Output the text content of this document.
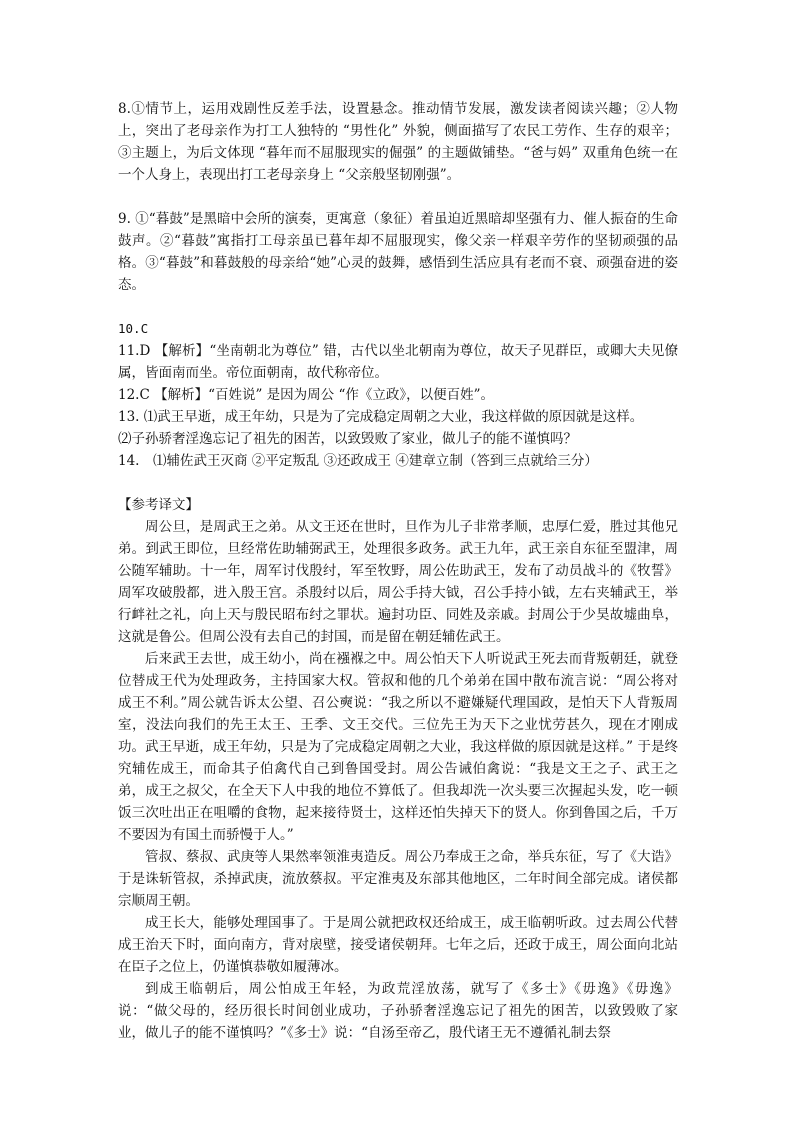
8.①情节上，运用戏剧性反差手法，设置悬念。推动情节发展，激发读者阅读兴趣；②人物上，突出了老母亲作为打工人独特的 “男性化” 外貌，侧面描写了农民工劳作、生存的艰辛；③主题上，为后文体现 “暮年而不屈服现实的倔强” 的主题做铺垫。“爸与妈” 双重角色统一在一个人身上，表现出打工老母亲身上 “父亲般坚韧刚强”。

9. ①“暮鼓”是黑暗中会所的演奏，更寓意（象征）着虽迫近黑暗却坚强有力、催人振奋的生命鼓声。②“暮鼓”寓指打工母亲虽已暮年却不屈服现实，像父亲一样艰辛劳作的坚韧顽强的品格。③“暮鼓”和暮鼓般的母亲给“她”心灵的鼓舞，感悟到生活应具有老而不衰、顽强奋进的姿态。

10.C

11.D 【解析】“坐南朝北为尊位” 错，古代以坐北朝南为尊位，故天子见群臣，或卿大夫见僚属，皆面南而坐。帝位面朝南，故代称帝位。

12.C 【解析】“百姓说” 是因为周公 “作《立政》，以便百姓”。

13. ⑴武王早逝，成王年幼，只是为了完成稳定周朝之大业，我这样做的原因就是这样。

⑵子孙骄奢淫逸忘记了祖先的困苦，以致毁败了家业，做儿子的能不谨慎吗？

14.　⑴辅佐武王灭商 ②平定叛乱 ③还政成王 ④建章立制（答到三点就给三分）

【参考译文】

周公旦，是周武王之弟。从文王还在世时，旦作为儿子非常孝顺，忠厚仁爱，胜过其他兄弟。到武王即位，旦经常佐助辅弼武王，处理很多政务。武王九年，武王亲自东征至盟津，周公随军辅助。十一年，周军讨伐殷纣，军至牧野，周公佐助武王，发布了动员战斗的《牧誓》 周军攻破殷都，进入殷王宫。杀殷纣以后，周公手持大钺，召公手持小钺，左右夹辅武王，举行衅社之礼，向上天与殷民昭布纣之罪状。遍封功臣、同姓及亲戚。封周公于少昊故墟曲阜，这就是鲁公。但周公没有去自己的封国，而是留在朝廷辅佐武王。

后来武王去世，成王幼小，尚在襁褓之中。周公怕天下人听说武王死去而背叛朝廷，就登位替成王代为处理政务，主持国家大权。管叔和他的几个弟弟在国中散布流言说：“周公将对成王不利。”周公就告诉太公望、召公奭说：“我之所以不避嫌疑代理国政，是怕天下人背叛周室，没法向我们的先王太王、王季、文王交代。三位先王为天下之业忧劳甚久，现在才刚成功。武王早逝，成王年幼，只是为了完成稳定周朝之大业，我这样做的原因就是这样。” 于是终究辅佐成王，而命其子伯禽代自己到鲁国受封。周公告诫伯禽说：“我是文王之子、武王之弟，成王之叔父，在全天下人中我的地位不算低了。但我却洗一次头要三次握起头发，吃一顿饭三次吐出正在咀嚼的食物，起来接待贤士，这样还怕失掉天下的贤人。你到鲁国之后，千万不要因为有国土而骄慢于人。”

管叔、蔡叔、武庚等人果然率领淮夷造反。周公乃奉成王之命，举兵东征，写了《大诰》 于是诛斩管叔，杀掉武庚，流放蔡叔。平定淮夷及东部其他地区，二年时间全部完成。诸侯都宗顺周王朝。

成王长大，能够处理国事了。于是周公就把政权还给成王，成王临朝听政。过去周公代替成王治天下时，面向南方，背对扆壁，接受诸侯朝拜。七年之后，还政于成王，周公面向北站在臣子之位上，仍谨慎恭敬如履薄冰。

到成王临朝后，周公怕成王年轻，为政荒淫放荡，就写了《多士》《毋逸》《毋逸》说：“做父母的，经历很长时间创业成功，子孙骄奢淫逸忘记了祖先的困苦，以致毁败了家业，做儿子的能不谨慎吗？”《多士》说：“自汤至帝乙，殷代诸王无不遵循礼制去祭
